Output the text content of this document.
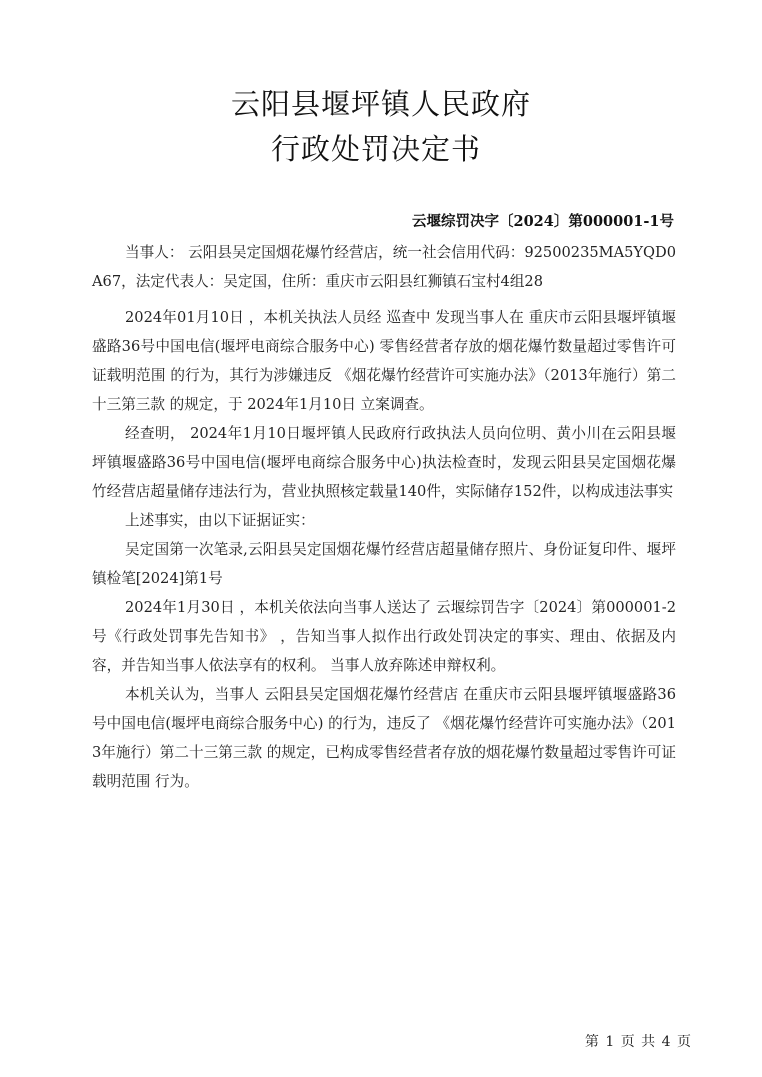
云阳县堰坪镇人民政府
行政处罚决定书
云堰综罚决字〔2024〕第000001-1号

当事人： 云阳县吴定国烟花爆竹经营店，统一社会信用代码：92500235MA5YQD0A67，法定代表人：吴定国，住所：重庆市云阳县红狮镇石宝村4组28

2024年01月10日 ，本机关执法人员经 巡查中 发现当事人在 重庆市云阳县堰坪镇堰盛路36号中国电信(堰坪电商综合服务中心) 零售经营者存放的烟花爆竹数量超过零售许可证载明范围 的行为，其行为涉嫌违反 《烟花爆竹经营许可实施办法》（2013年施行）第二十三第三款 的规定，于 2024年1月10日 立案调查。

经查明， 2024年1月10日堰坪镇人民政府行政执法人员向位明、黄小川在云阳县堰坪镇堰盛路36号中国电信(堰坪电商综合服务中心)执法检查时，发现云阳县吴定国烟花爆竹经营店超量储存违法行为，营业执照核定载量140件，实际储存152件，以构成违法事实

上述事实，由以下证据证实：

吴定国第一次笔录,云阳县吴定国烟花爆竹经营店超量储存照片、身份证复印件、堰坪镇检笔[2024]第1号

2024年1月30日 ，本机关依法向当事人送达了 云堰综罚告字〔2024〕第000001-2号《行政处罚事先告知书》 ，告知当事人拟作出行政处罚决定的事实、理由、依据及内容，并告知当事人依法享有的权利。 当事人放弃陈述申辩权利。

本机关认为，当事人 云阳县吴定国烟花爆竹经营店 在重庆市云阳县堰坪镇堰盛路36号中国电信(堰坪电商综合服务中心) 的行为，违反了 《烟花爆竹经营许可实施办法》（2013年施行）第二十三第三款 的规定，已构成零售经营者存放的烟花爆竹数量超过零售许可证载明范围 行为。

第 1 页 共 4 页
